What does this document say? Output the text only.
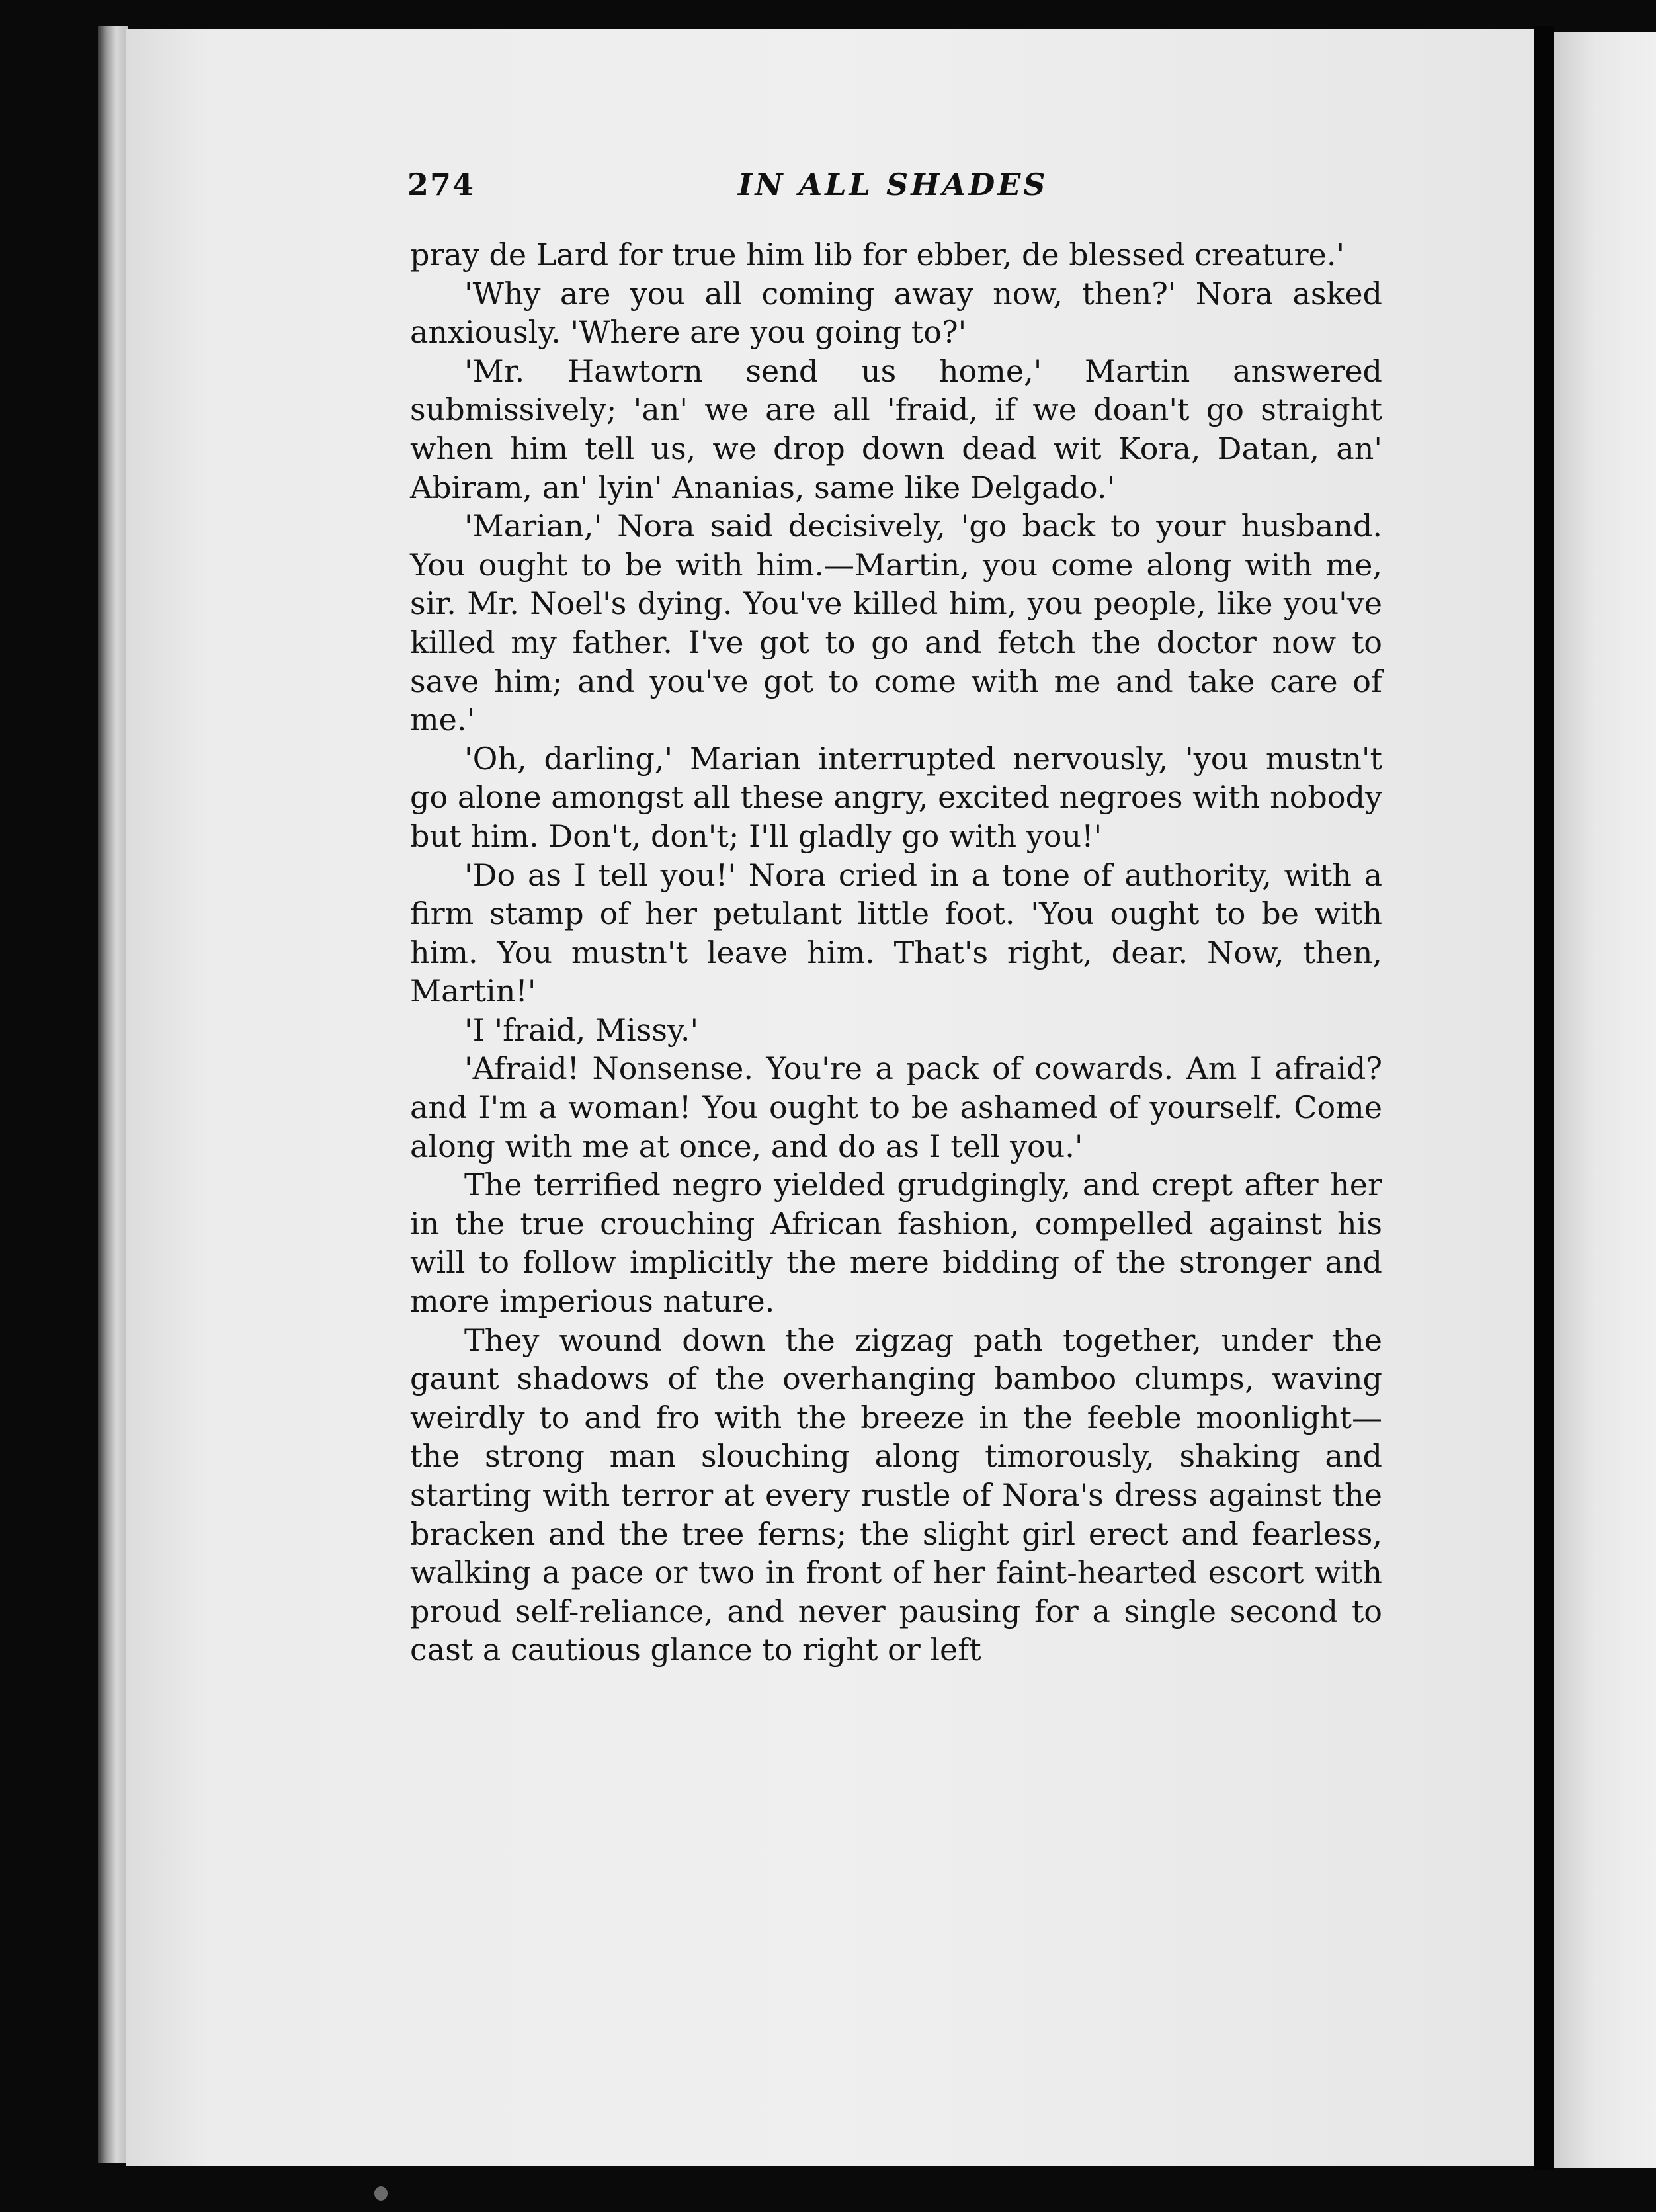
274	IN ALL SHADES

pray de Lard for true him lib for ebber, de blessed creature.'

'Why are you all coming away now, then?' Nora asked anxiously. 'Where are you going to?'

'Mr. Hawtorn send us home,' Martin answered submissively; 'an' we are all 'fraid, if we doan't go straight when him tell us, we drop down dead wit Kora, Datan, an' Abiram, an' lyin' Ananias, same like Delgado.'

'Marian,' Nora said decisively, 'go back to your husband. You ought to be with him.—Martin, you come along with me, sir. Mr. Noel's dying. You've killed him, you people, like you've killed my father. I've got to go and fetch the doctor now to save him; and you've got to come with me and take care of me.'

'Oh, darling,' Marian interrupted nervously, 'you mustn't go alone amongst all these angry, excited negroes with nobody but him. Don't, don't; I'll gladly go with you!'

'Do as I tell you!' Nora cried in a tone of authority, with a firm stamp of her petulant little foot. 'You ought to be with him. You mustn't leave him. That's right, dear. Now, then, Martin!'

'I 'fraid, Missy.'

'Afraid! Nonsense. You're a pack of cowards. Am I afraid? and I'm a woman! You ought to be ashamed of yourself. Come along with me at once, and do as I tell you.'

The terrified negro yielded grudgingly, and crept after her in the true crouching African fashion, compelled against his will to follow implicitly the mere bidding of the stronger and more imperious nature.

They wound down the zigzag path together, under the gaunt shadows of the overhanging bamboo clumps, waving weirdly to and fro with the breeze in the feeble moonlight—the strong man slouching along timorously, shaking and starting with terror at every rustle of Nora's dress against the bracken and the tree ferns; the slight girl erect and fearless, walking a pace or two in front of her faint-hearted escort with proud self-reliance, and never pausing for a single second to cast a cautious glance to right or left
